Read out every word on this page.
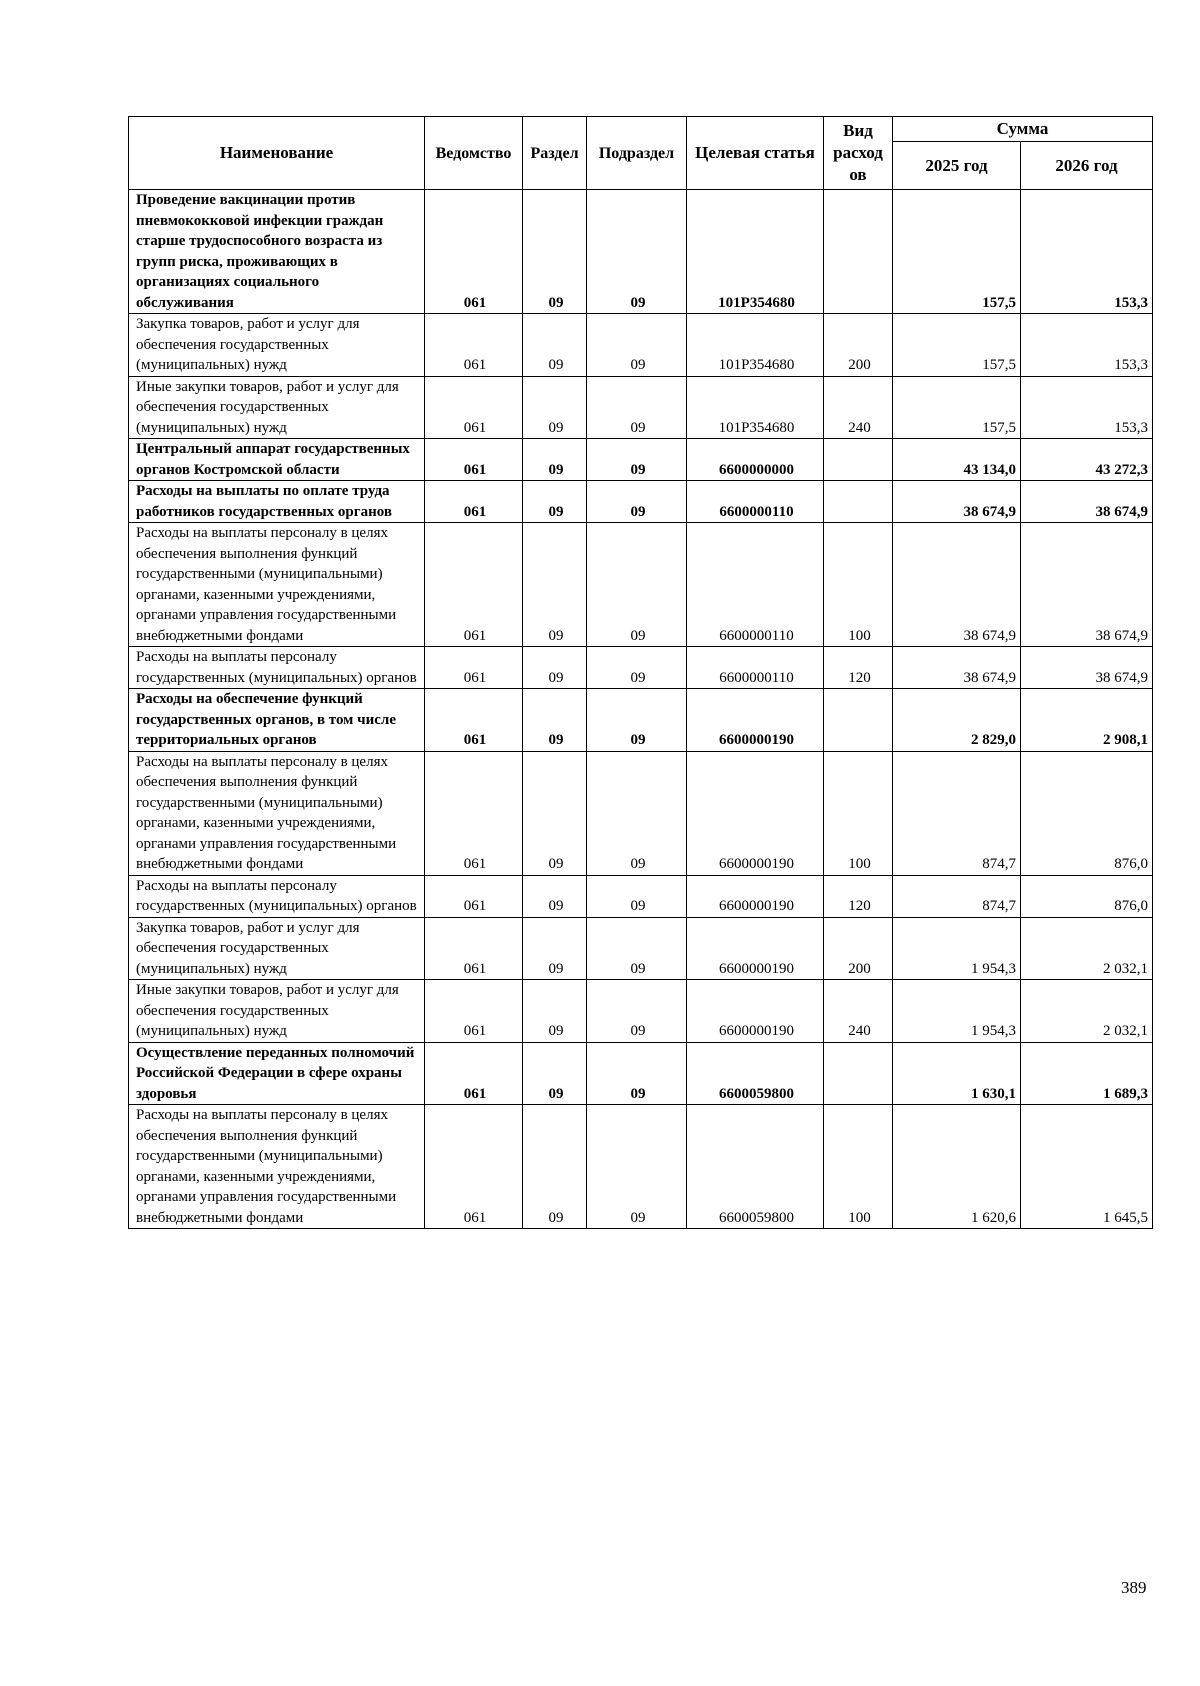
Наименование	Ведомство	Раздел	Подраздел	Целевая статья	Вид расход ов	Сумма	
						2025 год	2026 год
Проведение вакцинации против пневмококковой инфекции граждан старше трудоспособного возраста из групп риска, проживающих в организациях социального обслуживания	061	09	09	101P354680		157,5	153,3
Закупка товаров, работ и услуг для обеспечения государственных (муниципальных) нужд	061	09	09	101P354680	200	157,5	153,3
Иные закупки товаров, работ и услуг для обеспечения государственных (муниципальных) нужд	061	09	09	101P354680	240	157,5	153,3
Центральный аппарат государственных органов Костромской области	061	09	09	6600000000		43 134,0	43 272,3
Расходы на выплаты по оплате труда работников государственных органов	061	09	09	6600000110		38 674,9	38 674,9
Расходы на выплаты персоналу в целях обеспечения выполнения функций государственными (муниципальными) органами, казенными учреждениями, органами управления государственными внебюджетными фондами	061	09	09	6600000110	100	38 674,9	38 674,9
Расходы на выплаты персоналу государственных (муниципальных) органов	061	09	09	6600000110	120	38 674,9	38 674,9
Расходы на обеспечение функций государственных органов, в том числе территориальных органов	061	09	09	6600000190		2 829,0	2 908,1
Расходы на выплаты персоналу в целях обеспечения выполнения функций государственными (муниципальными) органами, казенными учреждениями, органами управления государственными внебюджетными фондами	061	09	09	6600000190	100	874,7	876,0
Расходы на выплаты персоналу государственных (муниципальных) органов	061	09	09	6600000190	120	874,7	876,0
Закупка товаров, работ и услуг для обеспечения государственных (муниципальных) нужд	061	09	09	6600000190	200	1 954,3	2 032,1
Иные закупки товаров, работ и услуг для обеспечения государственных (муниципальных) нужд	061	09	09	6600000190	240	1 954,3	2 032,1
Осуществление переданных полномочий Российской Федерации в сфере охраны здоровья	061	09	09	6600059800		1 630,1	1 689,3
Расходы на выплаты персоналу в целях обеспечения выполнения функций государственными (муниципальными) органами, казенными учреждениями, органами управления государственными внебюджетными фондами	061	09	09	6600059800	100	1 620,6	1 645,5
389
